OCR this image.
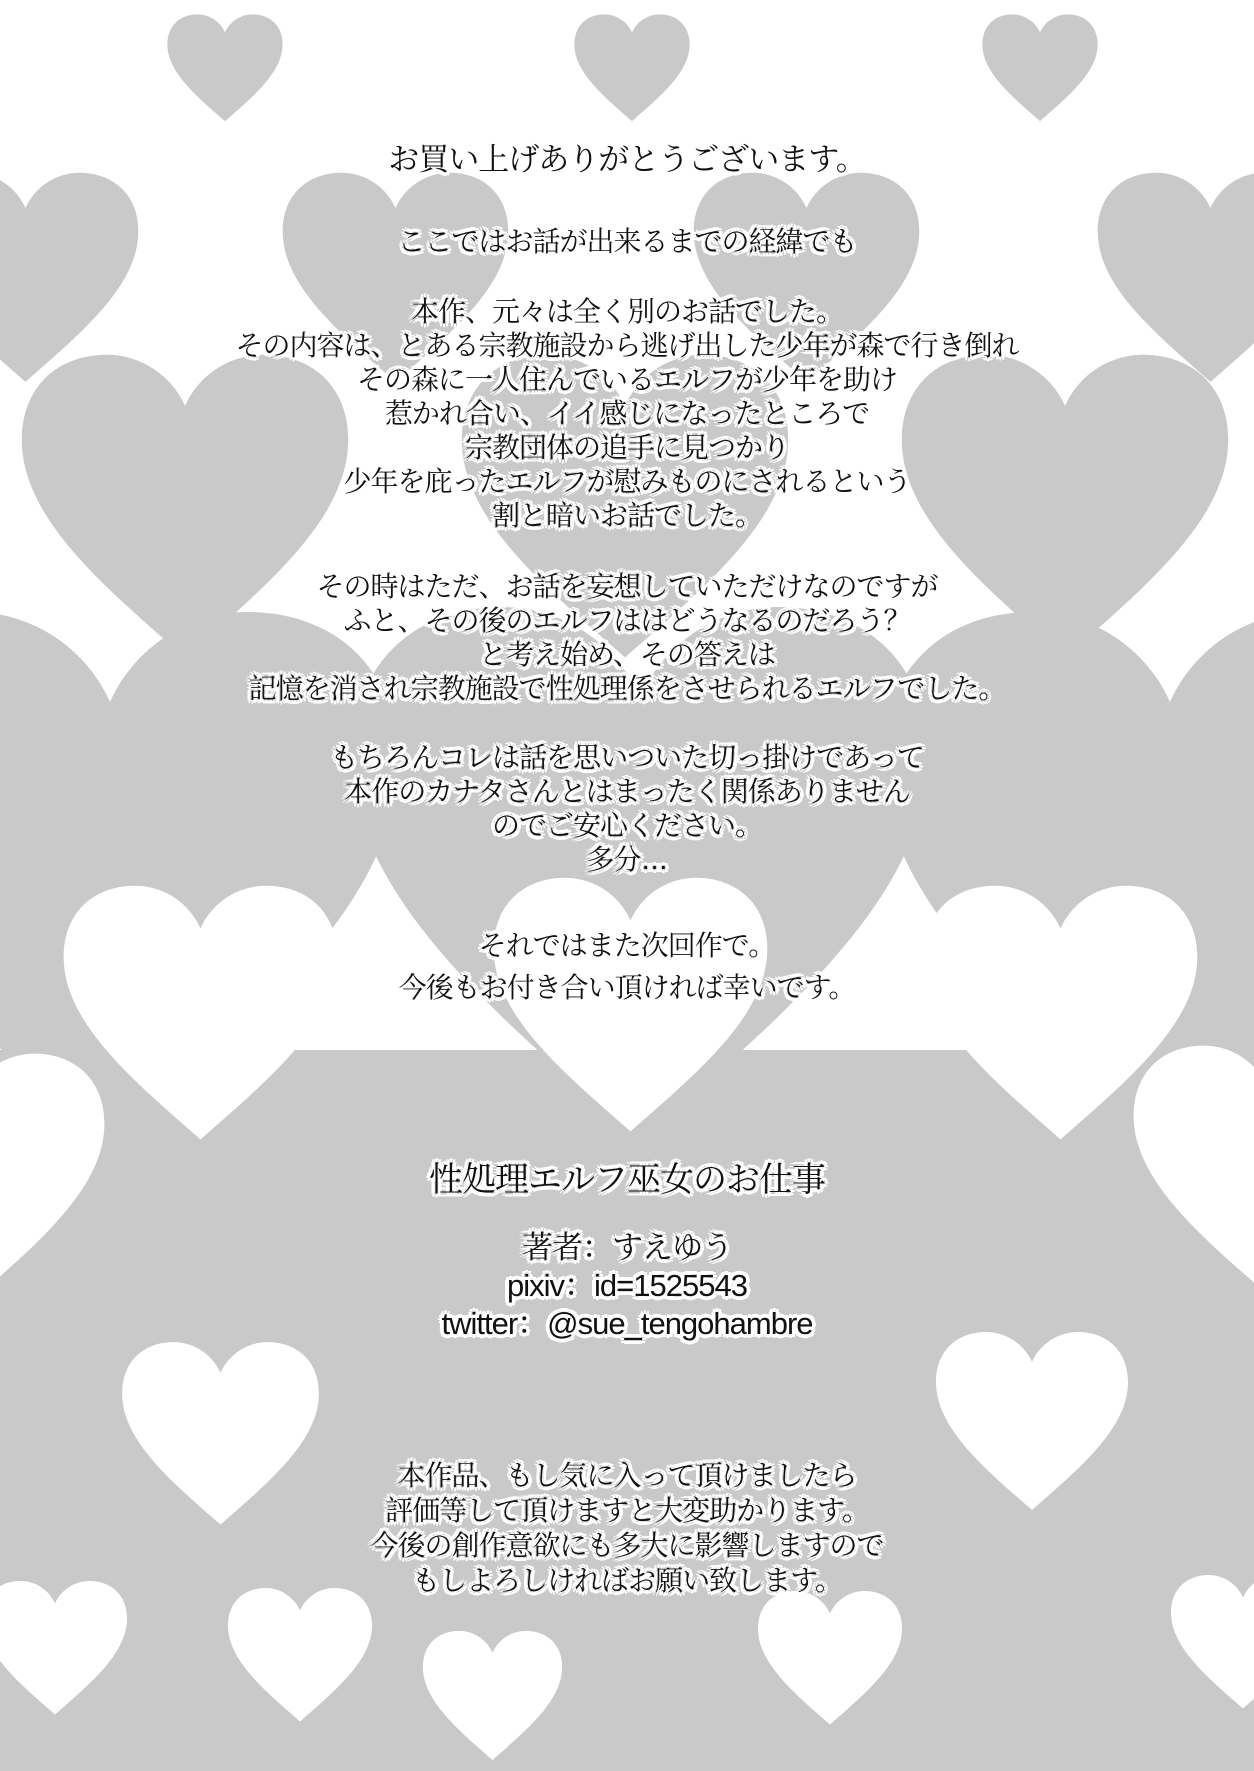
お買い上げありがとうございます。
ここではお話が出来るまでの経緯でも
本作、元々は全く別のお話でした。
その内容は、とある宗教施設から逃げ出した少年が森で行き倒れ
その森に一人住んでいるエルフが少年を助け
惹かれ合い、イイ感じになったところで
宗教団体の追手に見つかり
少年を庇ったエルフが慰みものにされるという
割と暗いお話でした。
その時はただ、お話を妄想していただけなのですが
ふと、その後のエルフははどうなるのだろう？
と考え始め、その答えは
記憶を消され宗教施設で性処理係をさせられるエルフでした。
もちろんコレは話を思いついた切っ掛けであって
本作のカナタさんとはまったく関係ありません
のでご安心ください。
多分…
それではまた次回作で。
今後もお付き合い頂ければ幸いです。
性処理エルフ巫女のお仕事
著者：すえゆう
pixiv：id=1525543
twitter：@sue_tengohambre
本作品、もし気に入って頂けましたら
評価等して頂けますと大変助かります。
今後の創作意欲にも多大に影響しますので
もしよろしければお願い致します。
